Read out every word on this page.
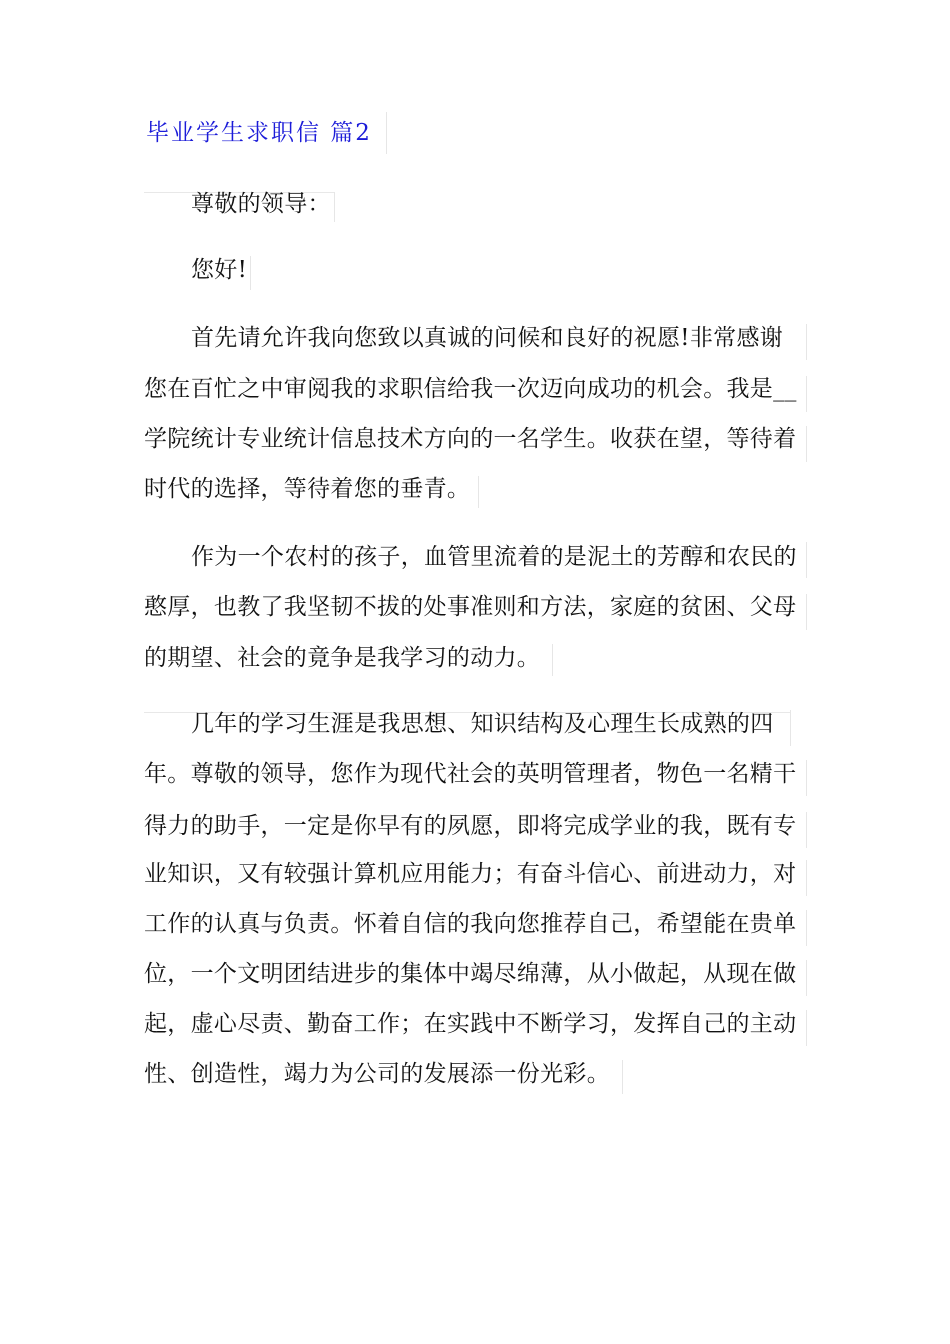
毕业学生求职信 篇2
尊敬的领导：
您好!
首先请允许我向您致以真诚的问候和良好的祝愿!非常感谢
您在百忙之中审阅我的求职信给我一次迈向成功的机会。我是__
学院统计专业统计信息技术方向的一名学生。收获在望，等待着
时代的选择，等待着您的垂青。
作为一个农村的孩子，血管里流着的是泥土的芳醇和农民的
憨厚，也教了我坚韧不拔的处事准则和方法，家庭的贫困、父母
的期望、社会的竟争是我学习的动力。
几年的学习生涯是我思想、知识结构及心理生长成熟的四
年。尊敬的领导，您作为现代社会的英明管理者，物色一名精干
得力的助手，一定是你早有的夙愿，即将完成学业的我，既有专
业知识，又有较强计算机应用能力；有奋斗信心、前进动力，对
工作的认真与负责。怀着自信的我向您推荐自己，希望能在贵单
位，一个文明团结进步的集体中竭尽绵薄，从小做起，从现在做
起，虚心尽责、勤奋工作；在实践中不断学习，发挥自己的主动
性、创造性，竭力为公司的发展添一份光彩。
